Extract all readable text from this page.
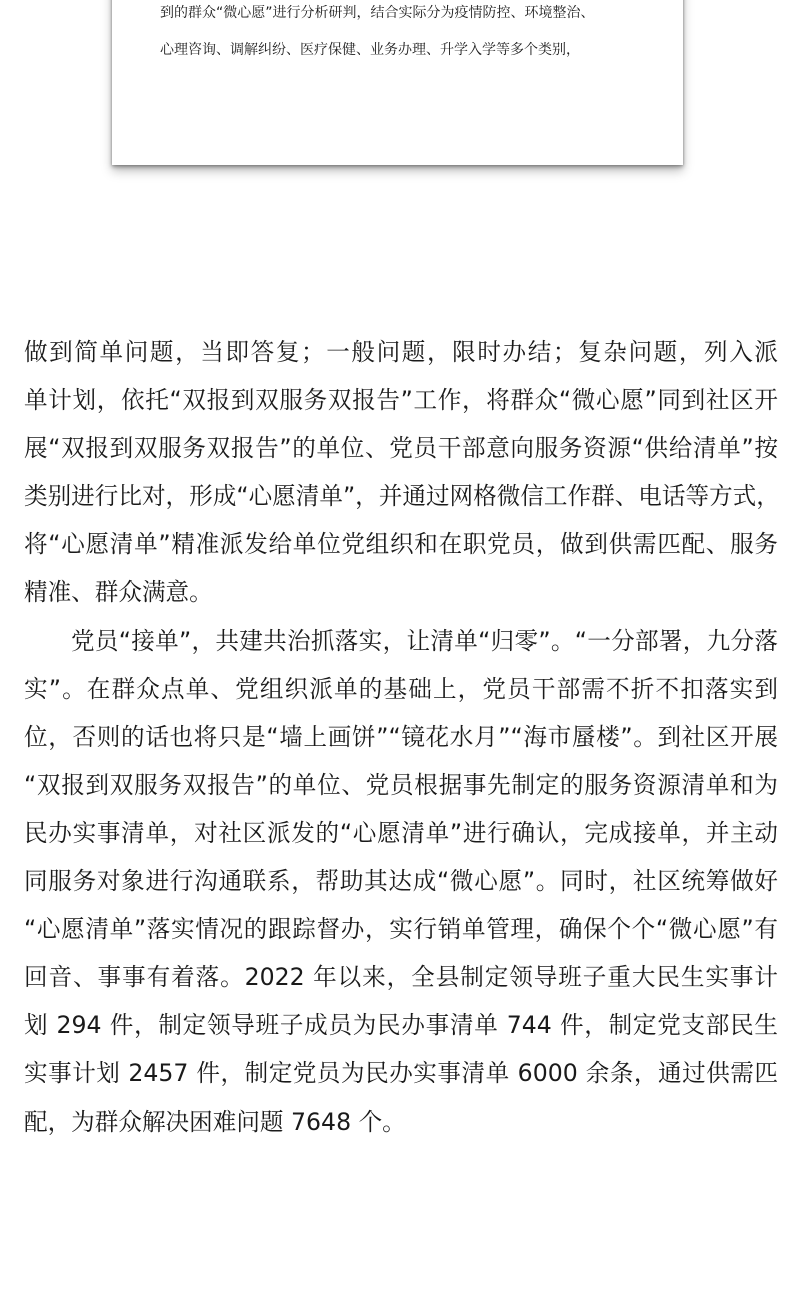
到的群众“微心愿”进行分析研判，结合实际分为疫情防控、环境整治、
心理咨询、调解纠纷、医疗保健、业务办理、升学入学等多个类别，
做到简单问题，当即答复；一般问题，限时办结；复杂问题，列入派
单计划，依托“双报到双服务双报告”工作，将群众“微心愿”同到社区开
展“双报到双服务双报告”的单位、党员干部意向服务资源“供给清单”按
类别进行比对，形成“心愿清单”，并通过网格微信工作群、电话等方式，
将“心愿清单”精准派发给单位党组织和在职党员，做到供需匹配、服务
精准、群众满意。
党员“接单”，共建共治抓落实，让清单“归零”。“一分部署，九分落
实”。在群众点单、党组织派单的基础上，党员干部需不折不扣落实到
位，否则的话也将只是“墙上画饼”“镜花水月”“海市蜃楼”。到社区开展
“双报到双服务双报告”的单位、党员根据事先制定的服务资源清单和为
民办实事清单，对社区派发的“心愿清单”进行确认，完成接单，并主动
同服务对象进行沟通联系，帮助其达成“微心愿”。同时，社区统筹做好
“心愿清单”落实情况的跟踪督办，实行销单管理，确保个个“微心愿”有
回音、事事有着落。2022 年以来，全县制定领导班子重大民生实事计
划 294 件，制定领导班子成员为民办事清单 744 件，制定党支部民生
实事计划 2457 件，制定党员为民办实事清单 6000 余条，通过供需匹
配，为群众解决困难问题 7648 个。
